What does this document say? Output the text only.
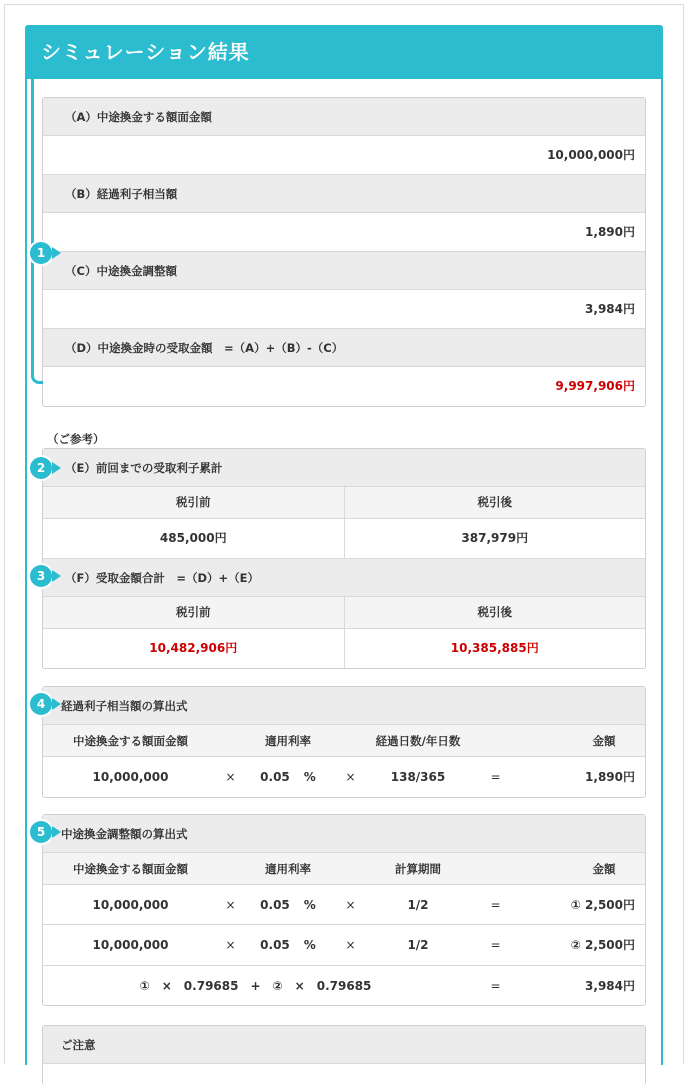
シミュレーション結果
（A）中途換金する額面金額
10,000,000円
（B）経過利子相当額
1,890円
（C）中途換金調整額
3,984円
（D）中途換金時の受取金額　=（A）+（B）-（C）
9,997,906円
（ご参考）
（E）前回までの受取利子累計
税引前	税引後
485,000円	387,979円
（F）受取金額合計　=（D）+（E）
税引前	税引後
10,482,906円	10,385,885円
経過利子相当額の算出式
中途換金する額面金額	適用利率	経過日数/年日数	金額
10,000,000	×	0.05 %	×	138/365	=	1,890円
中途換金調整額の算出式
中途換金する額面金額	適用利率	計算期間	金額
10,000,000	×	0.05 %	×	1/2	=	① 2,500円
10,000,000	×	0.05 %	×	1/2	=	② 2,500円
①　×　0.79685　+　②　×　0.79685	=	3,984円
ご注意
1
2
3
4
5
